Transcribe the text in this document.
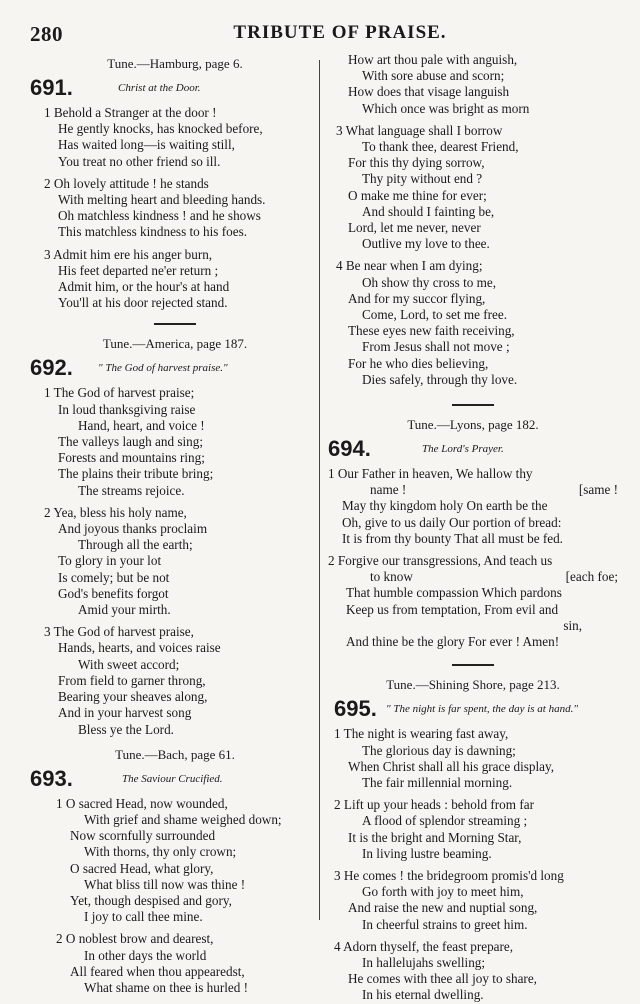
280	TRIBUTE OF PRAISE.

Tune.—Hamburg, page 6.

691.	Christ at the Door.
1 Behold a Stranger at the door !
He gently knocks, has knocked before,
Has waited long—is waiting still,
You treat no other friend so ill.
2 Oh lovely attitude ! he stands
With melting heart and bleeding hands.
Oh matchless kindness ! and he shows
This matchless kindness to his foes.
3 Admit him ere his anger burn,
His feet departed ne'er return ;
Admit him, or the hour's at hand
You'll at his door rejected stand.

Tune.—America, page 187.

692. " The God of harvest praise."
1 The God of harvest praise;
In loud thanksgiving raise
Hand, heart, and voice !
The valleys laugh and sing;
Forests and mountains ring;
The plains their tribute bring;
The streams rejoice.
2 Yea, bless his holy name,
And joyous thanks proclaim
Through all the earth;
To glory in your lot
Is comely; but be not
God's benefits forgot
Amid your mirth.
3 The God of harvest praise,
Hands, hearts, and voices raise
With sweet accord;
From field to garner throng,
Bearing your sheaves along,
And in your harvest song
Bless ye the Lord.

Tune.—Bach, page 61.

693.	The Saviour Crucified.
1 O sacred Head, now wounded,
With grief and shame weighed down;
Now scornfully surrounded
With thorns, thy only crown;
O sacred Head, what glory,
What bliss till now was thine !
Yet, though despised and gory,
I joy to call thee mine.
2 O noblest brow and dearest,
In other days the world
All feared when thou appearedst,
What shame on thee is hurled !
How art thou pale with anguish,
With sore abuse and scorn;
How does that visage languish
Which once was bright as morn
3 What language shall I borrow
To thank thee, dearest Friend,
For this thy dying sorrow,
Thy pity without end ?
O make me thine for ever;
And should I fainting be,
Lord, let me never, never
Outlive my love to thee.
4 Be near when I am dying;
Oh show thy cross to me,
And for my succor flying,
Come, Lord, to set me free.
These eyes new faith receiving,
From Jesus shall not move ;
For he who dies believing,
Dies safely, through thy love.

Tune.—Lyons, page 182.

694.	The Lord's Prayer.
1 Our Father in heaven, We hallow thy
name !	[same !
May thy kingdom holy On earth be the
Oh, give to us daily Our portion of bread:
It is from thy bounty That all must be fed.
2 Forgive our transgressions, And teach us
to know	[each foe;
That humble compassion Which pardons
Keep us from temptation, From evil and
sin,
And thine be the glory For ever ! Amen!

Tune.—Shining Shore, page 213.

695. " The night is far spent, the day is at hand."
1 The night is wearing fast away,
The glorious day is dawning;
When Christ shall all his grace display,
The fair millennial morning.
2 Lift up your heads : behold from far
A flood of splendor streaming ;
It is the bright and Morning Star,
In living lustre beaming.
3 He comes ! the bridegroom promis'd long
Go forth with joy to meet him,
And raise the new and nuptial song,
In cheerful strains to greet him.
4 Adorn thyself, the feast prepare,
In hallelujahs swelling;
He comes with thee all joy to share,
In his eternal dwelling.
